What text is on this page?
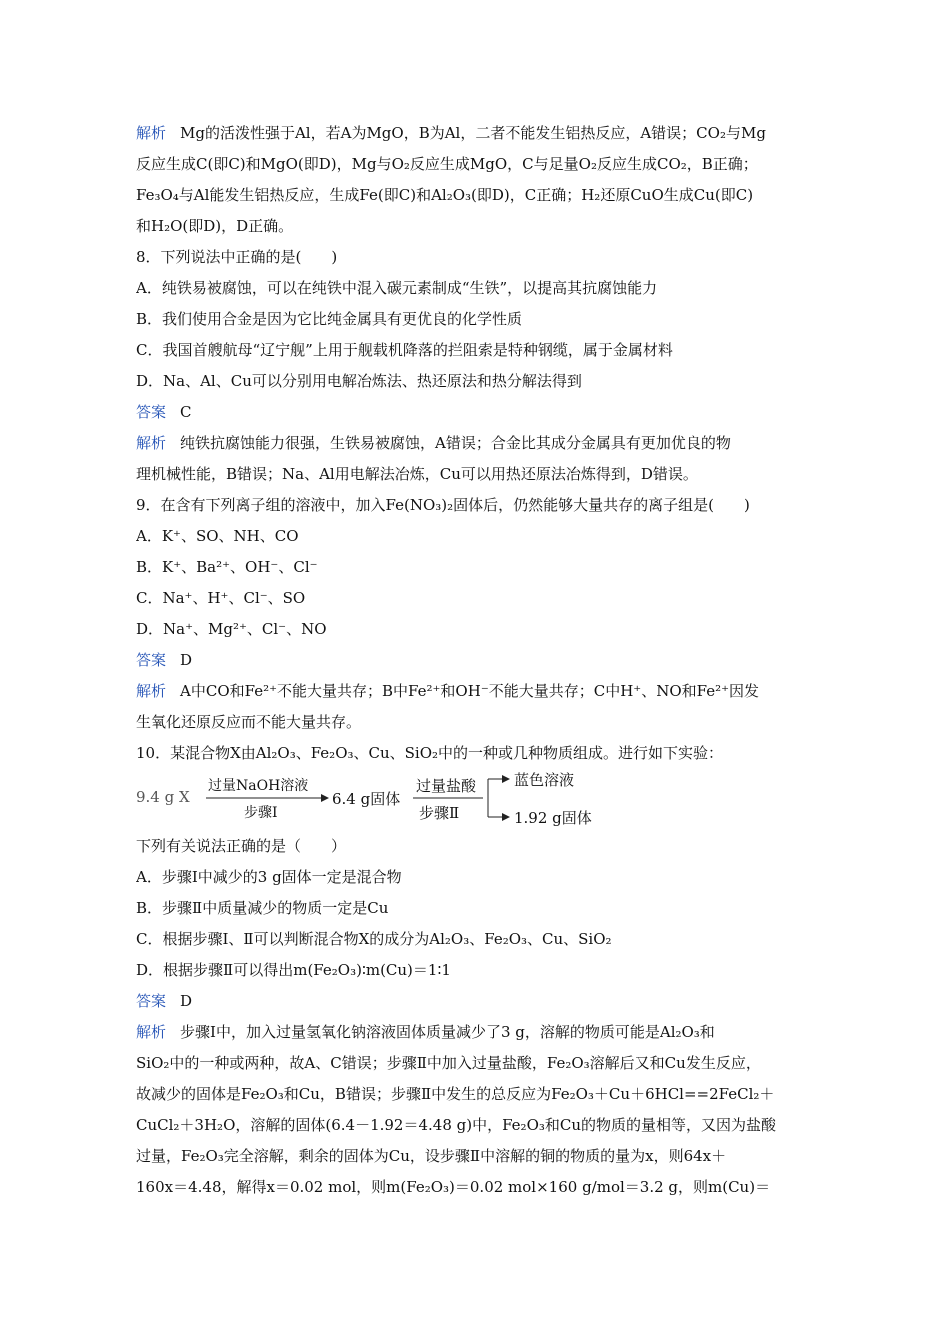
解析 Mg的活泼性强于Al，若A为MgO，B为Al，二者不能发生铝热反应，A错误；CO₂与Mg
反应生成C(即C)和MgO(即D)，Mg与O₂反应生成MgO，C与足量O₂反应生成CO₂，B正确；
Fe₃O₄与Al能发生铝热反应，生成Fe(即C)和Al₂O₃(即D)，C正确；H₂还原CuO生成Cu(即C)
和H₂O(即D)，D正确。
8．下列说法中正确的是(　　)
A．纯铁易被腐蚀，可以在纯铁中混入碳元素制成“生铁”，以提高其抗腐蚀能力
B．我们使用合金是因为它比纯金属具有更优良的化学性质
C．我国首艘航母“辽宁舰”上用于舰载机降落的拦阻索是特种钢缆，属于金属材料
D．Na、Al、Cu可以分别用电解冶炼法、热还原法和热分解法得到
答案 C
解析 纯铁抗腐蚀能力很强，生铁易被腐蚀，A错误；合金比其成分金属具有更加优良的物
理机械性能，B错误；Na、Al用电解法冶炼，Cu可以用热还原法冶炼得到，D错误。
9．在含有下列离子组的溶液中，加入Fe(NO₃)₂固体后，仍然能够大量共存的离子组是(　　)
A．K⁺、SO、NH、CO
B．K⁺、Ba²⁺、OH⁻、Cl⁻
C．Na⁺、H⁺、Cl⁻、SO
D．Na⁺、Mg²⁺、Cl⁻、NO
答案 D
解析 A中CO和Fe²⁺不能大量共存；B中Fe²⁺和OH⁻不能大量共存；C中H⁺、NO和Fe²⁺因发
生氧化还原反应而不能大量共存。
10．某混合物X由Al₂O₃、Fe₂O₃、Cu、SiO₂中的一种或几种物质组成。进行如下实验：
9.4 g X
过量NaOH溶液
步骤Ⅰ
6.4 g固体
过量盐酸
步骤Ⅱ
蓝色溶液
1.92 g固体
下列有关说法正确的是（　　）
A．步骤Ⅰ中减少的3 g固体一定是混合物
B．步骤Ⅱ中质量减少的物质一定是Cu
C．根据步骤Ⅰ、Ⅱ可以判断混合物X的成分为Al₂O₃、Fe₂O₃、Cu、SiO₂
D．根据步骤Ⅱ可以得出m(Fe₂O₃)∶m(Cu)＝1∶1
答案 D
解析 步骤Ⅰ中，加入过量氢氧化钠溶液固体质量减少了3 g，溶解的物质可能是Al₂O₃和
SiO₂中的一种或两种，故A、C错误；步骤Ⅱ中加入过量盐酸，Fe₂O₃溶解后又和Cu发生反应，
故减少的固体是Fe₂O₃和Cu，B错误；步骤Ⅱ中发生的总反应为Fe₂O₃＋Cu＋6HCl==2FeCl₂＋
CuCl₂＋3H₂O，溶解的固体(6.4－1.92＝4.48 g)中，Fe₂O₃和Cu的物质的量相等，又因为盐酸
过量，Fe₂O₃完全溶解，剩余的固体为Cu，设步骤Ⅱ中溶解的铜的物质的量为x，则64x＋
160x＝4.48，解得x＝0.02 mol，则m(Fe₂O₃)＝0.02 mol×160 g/mol＝3.2 g，则m(Cu)＝
